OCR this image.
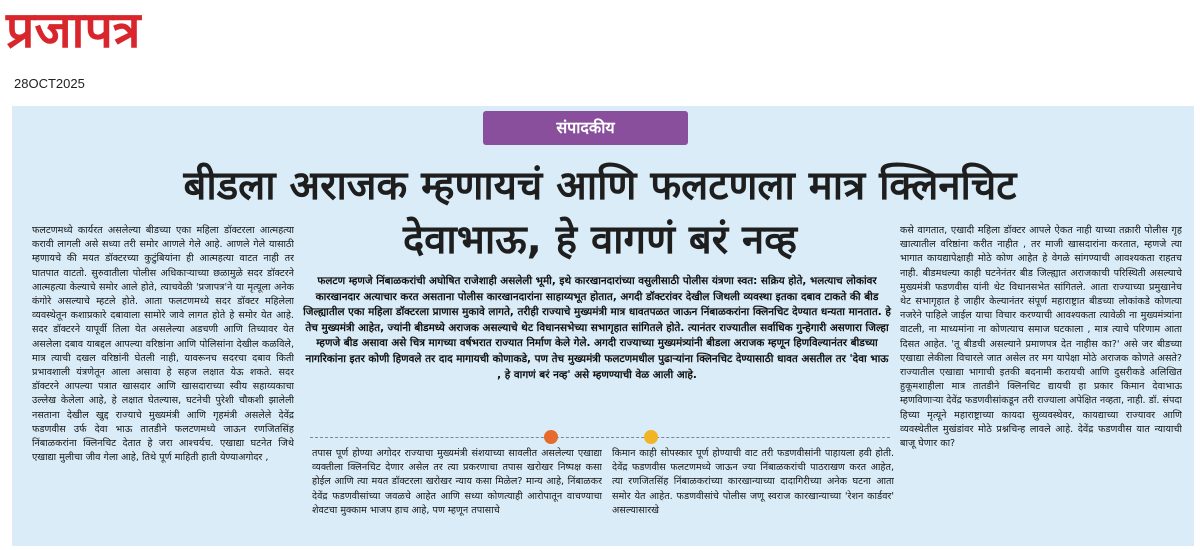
प्रजापत्र
28OCT2025
संपादकीय
बीडला अराजक म्हणायचं आणि फलटणला मात्र क्लिनचिट
देवाभाऊ, हे वागणं बरं नव्ह
फलटणमध्ये कार्यरत असलेल्या बीडच्या एका महिला डॉक्टरला आत्महत्या करावी लागली असे सध्या तरी समोर आणले गेले आहे. आणले गेले यासाठी म्हणायचे की मयत डॉक्टरच्या कुटुंबियांना ही आत्महत्या वाटत नाही तर घातपात वाटतो. सुरुवातीला पोलीस अधिकाऱ्याच्या छळामुळे सदर डॉक्टरने आत्महत्या केल्याचे समोर आले होते, त्याचवेळी 'प्रजापत्र'ने या मृत्यूला अनेक कंगोरे असल्याचे म्हटले होते. आता फलटणमध्ये सदर डॉक्टर महिलेला व्यवस्थेतून कशाप्रकारे दबावाला सामोरे जावे लागत होते हे समोर येत आहे. सदर डॉक्टरने यापूर्वी तिला येत असलेल्या अडचणी आणि तिच्यावर येत असलेला दबाव याबद्दल आपल्या वरिष्ठांना आणि पोलिसांना देखील कळविले, मात्र त्याची दखल वरिष्ठांनी घेतली नाही, यावरूनच सदरचा दबाव किती प्रभावशाली यंत्रणेतून आला असावा हे सहज लक्षात येऊ शकते. सदर डॉक्टरने आपल्या पत्रात खासदार आणि खासदाराच्या स्वीय सहाय्यकाचा उल्लेख केलेला आहे, हे लक्षात घेतल्यास, घटनेची पुरेशी चौकशी झालेली नसताना देखील खुद्द राज्याचे मुख्यमंत्री आणि गृहमंत्री असलेले देवेंद्र फडणवीस उर्फ देवा भाऊ तातडीने फलटणमध्ये जाऊन रणजितसिंह निंबाळकरांना क्लिनचिट देतात हे जरा आश्चर्यच. एखाद्या घटनेत जिथे एखाद्या मुलीचा जीव गेला आहे, तिथे पूर्ण माहिती हाती येण्याअगोदर ,
फलटण म्हणजे निंबाळकरांची अघोषित राजेशाही असलेली भूमी, इथे कारखानदारांच्या वसुलीसाठी पोलीस यंत्रणा स्वत: सक्रिय होते, भलत्याच लोकांवर कारखानदार अत्याचार करत असताना पोलीस कारखानदारांना साहाय्यभूत होतात, अगदी डॉक्टरांवर देखील जिथली व्यवस्था इतका दबाव टाकते की बीड जिल्ह्यातील एका महिला डॉक्टरला प्राणास मुकावे लागते, तरीही राज्याचे मुख्यमंत्री मात्र धावतपळत जाऊन निंबाळकरांना क्लिनचिट देण्यात धन्यता मानतात. हे तेच मुख्यमंत्री आहेत, ज्यांनी बीडमध्ये अराजक असल्याचे थेट विधानसभेच्या सभागृहात सांगितले होते. त्यानंतर राज्यातील सर्वाधिक गुन्हेगारी असणारा जिल्हा म्हणजे बीड असावा असे चित्र मागच्या वर्षभरात राज्यात निर्माण केले गेले. अगदी राज्याच्या मुख्यमंत्र्यांनी बीडला अराजक म्हणून हिणविल्यानंतर बीडच्या नागरिकांना इतर कोणी हिणवले तर दाद मागायची कोणाकडे, पण तेच मुख्यमंत्री फलटणमधील पुढाऱ्यांना क्लिनचिट देण्यासाठी धावत असतील तर 'देवा भाऊ , हे वागणं बरं नव्ह' असे म्हणण्याची वेळ आली आहे.
तपास पूर्ण होण्या अगोदर राज्याचा मुख्यमंत्री संशयाच्या सावलीत असलेल्या एखाद्या व्यक्तीला क्लिनचिट देणार असेल तर त्या प्रकरणाचा तपास खरोखर निष्पक्ष कसा होईल आणि त्या मयत डॉक्टरला खरोखर न्याय कसा मिळेल? मान्य आहे, निंबाळकर देवेंद्र फडणवीसांच्या जवळचे आहेत आणि सध्या कोणत्याही आरोपातून वाचण्याचा शेवटचा मुक्काम भाजप हाच आहे, पण म्हणून तपासाचे
किमान काही सोपस्कार पूर्ण होण्याची वाट तरी फडणवीसांनी पाहायला हवी होती. देवेंद्र फडणवीस फलटणमध्ये जाऊन ज्या निंबाळकरांची पाठराखण करत आहेत, त्या रणजितसिंह निंबाळकरांच्या कारखान्याच्या दादागिरीच्या अनेक घटना आता समोर येत आहेत. फडणवीसांचे पोलीस जणू स्वराज कारखान्याच्या 'रेशन कार्डवर' असल्यासारखे
कसे वागतात, एखादी महिला डॉक्टर आपले ऐकत नाही याच्या तक्रारी पोलीस गृह खात्यातील वरिष्ठांना करीत नाहीत , तर माजी खासदारांना करतात, म्हणजे त्या भागात कायद्यापेक्षाही मोठे कोण आहेत हे वेगळे सांगण्याची आवश्यकता राहतच नाही. बीडमधल्या काही घटनेनंतर बीड जिल्ह्यात अराजकाची परिस्थिती असल्याचे मुख्यमंत्री फडणवीस यांनी थेट विधानसभेत सांगितले. आता राज्याच्या प्रमुखानेच थेट सभागृहात हे जाहीर केल्यानंतर संपूर्ण महाराष्ट्रात बीडच्या लोकांकडे कोणत्या नजरेने पाहिले जाईल याचा विचार करण्याची आवश्यकता त्यावेळी ना मुख्यमंत्र्यांना वाटली, ना माध्यमांना ना कोणत्याच समाज घटकाला , मात्र त्याचे परिणाम आता दिसत आहेत. 'तू बीडची असल्याने प्रमाणपत्र देत नाहीस का?' असे जर बीडच्या एखाद्या लेकीला विचारले जात असेल तर मग यापेक्षा मोठे अराजक कोणते असते? राज्यातील एखाद्या भागाची इतकी बदनामी करायची आणि दुसरीकडे अलिखित हुकूमशाहीला मात्र तातडीने क्लिनचिट द्यायची हा प्रकार किमान देवाभाऊ म्हणविणाऱ्या देवेंद्र फडणवीसांकडून तरी राज्याला अपेक्षित नव्हता, नाही. डॉ. संपदा हिच्या मृत्यूने महाराष्ट्राच्या कायदा सुव्यवस्थेवर, कायद्याच्या राज्यावर आणि व्यवस्थेतील मुखंडांवर मोठे प्रश्नचिन्ह लावले आहे. देवेंद्र फडणवीस यात न्यायाची बाजू घेणार का?
